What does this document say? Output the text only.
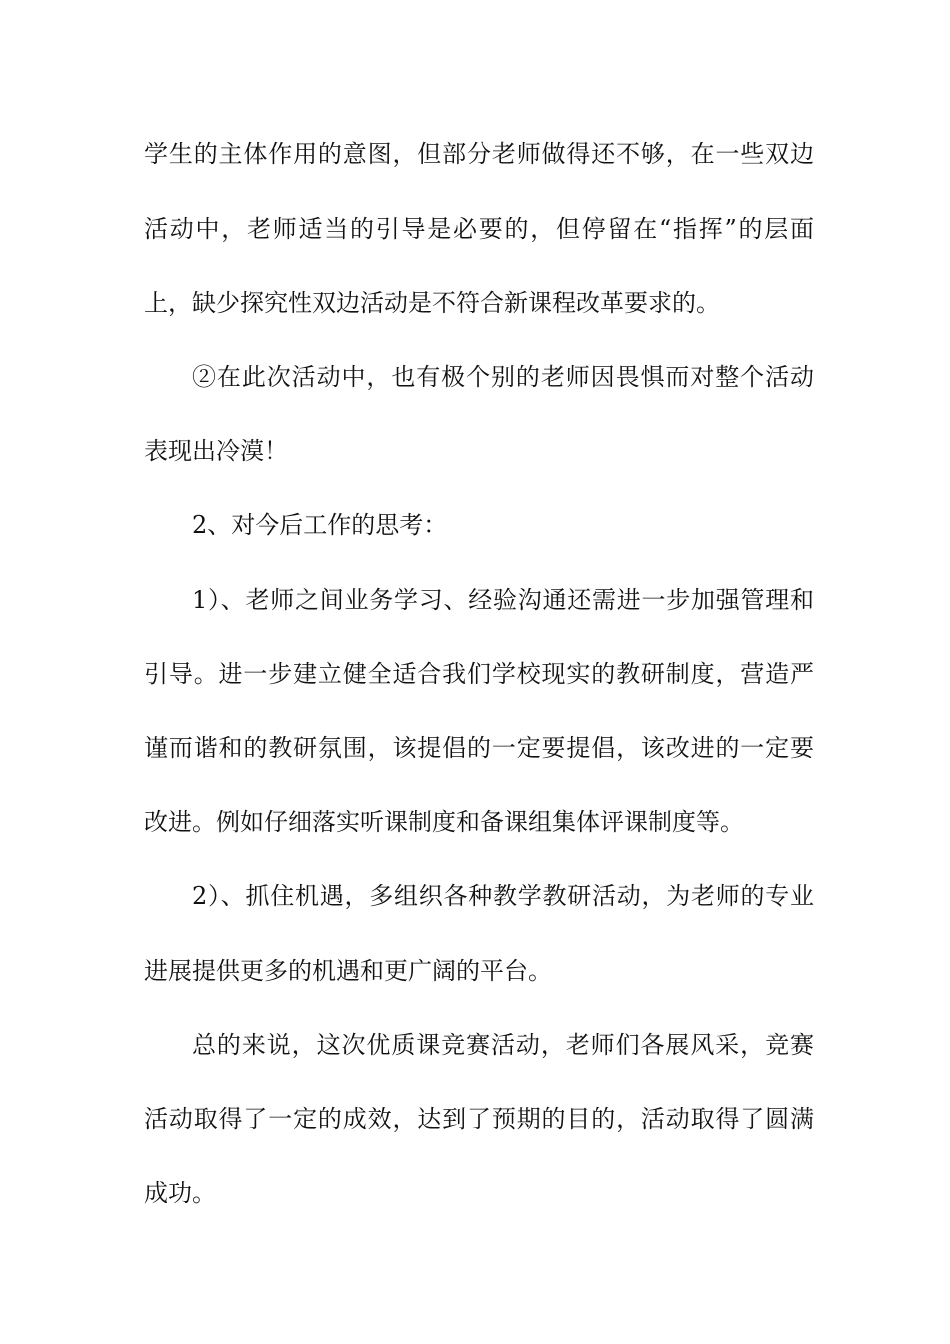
学生的主体作用的意图，但部分老师做得还不够，在一些双边
活动中，老师适当的引导是必要的，但停留在“指挥”的层面
上，缺少探究性双边活动是不符合新课程改革要求的。
②在此次活动中，也有极个别的老师因畏惧而对整个活动
表现出冷漠！
2、对今后工作的思考：
1）、老师之间业务学习、经验沟通还需进一步加强管理和
引导。进一步建立健全适合我们学校现实的教研制度，营造严
谨而谐和的教研氛围，该提倡的一定要提倡，该改进的一定要
改进。例如仔细落实听课制度和备课组集体评课制度等。
2）、抓住机遇，多组织各种教学教研活动，为老师的专业
进展提供更多的机遇和更广阔的平台。
总的来说，这次优质课竞赛活动，老师们各展风采，竞赛
活动取得了一定的成效，达到了预期的目的，活动取得了圆满
成功。
